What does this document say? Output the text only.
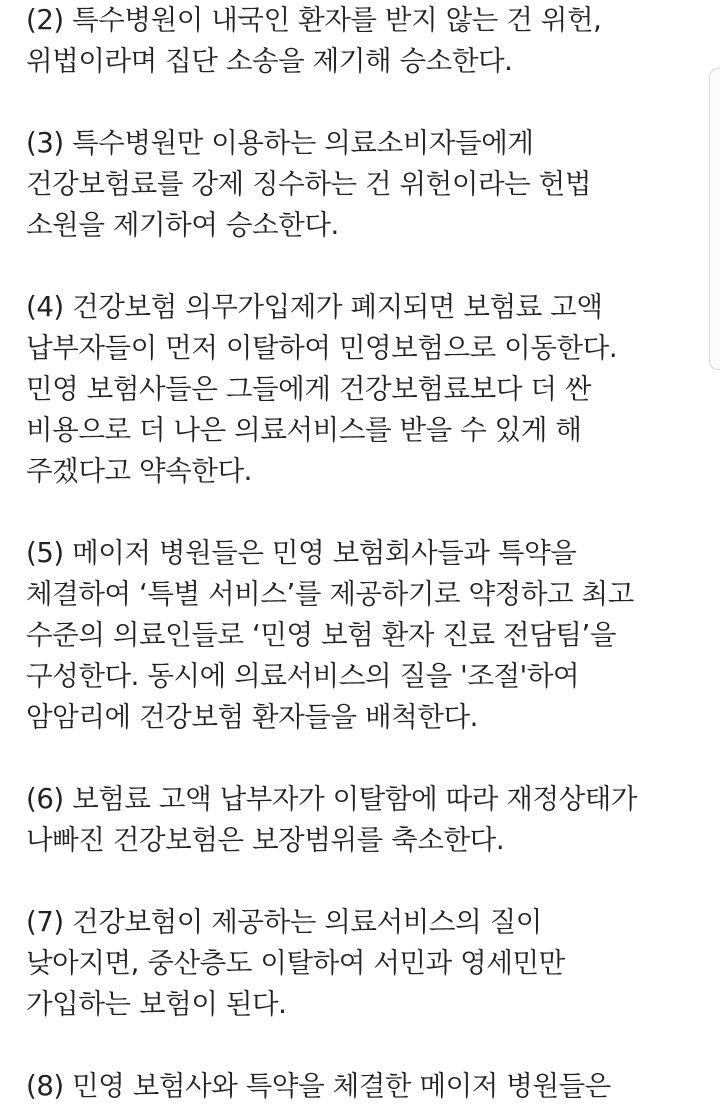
(2) 특수병원이 내국인 환자를 받지 않는 건 위헌,
위법이라며 집단 소송을 제기해 승소한다.
(3) 특수병원만 이용하는 의료소비자들에게
건강보험료를 강제 징수하는 건 위헌이라는 헌법
소원을 제기하여 승소한다.
(4) 건강보험 의무가입제가 폐지되면 보험료 고액
납부자들이 먼저 이탈하여 민영보험으로 이동한다.
민영 보험사들은 그들에게 건강보험료보다 더 싼
비용으로 더 나은 의료서비스를 받을 수 있게 해
주겠다고 약속한다.
(5) 메이저 병원들은 민영 보험회사들과 특약을
체결하여 ‘특별 서비스’를 제공하기로 약정하고 최고
수준의 의료인들로 ‘민영 보험 환자 진료 전담팀’을
구성한다. 동시에 의료서비스의 질을 '조절'하여
암암리에 건강보험 환자들을 배척한다.
(6) 보험료 고액 납부자가 이탈함에 따라 재정상태가
나빠진 건강보험은 보장범위를 축소한다.
(7) 건강보험이 제공하는 의료서비스의 질이
낮아지면, 중산층도 이탈하여 서민과 영세민만
가입하는 보험이 된다.
(8) 민영 보험사와 특약을 체결한 메이저 병원들은
